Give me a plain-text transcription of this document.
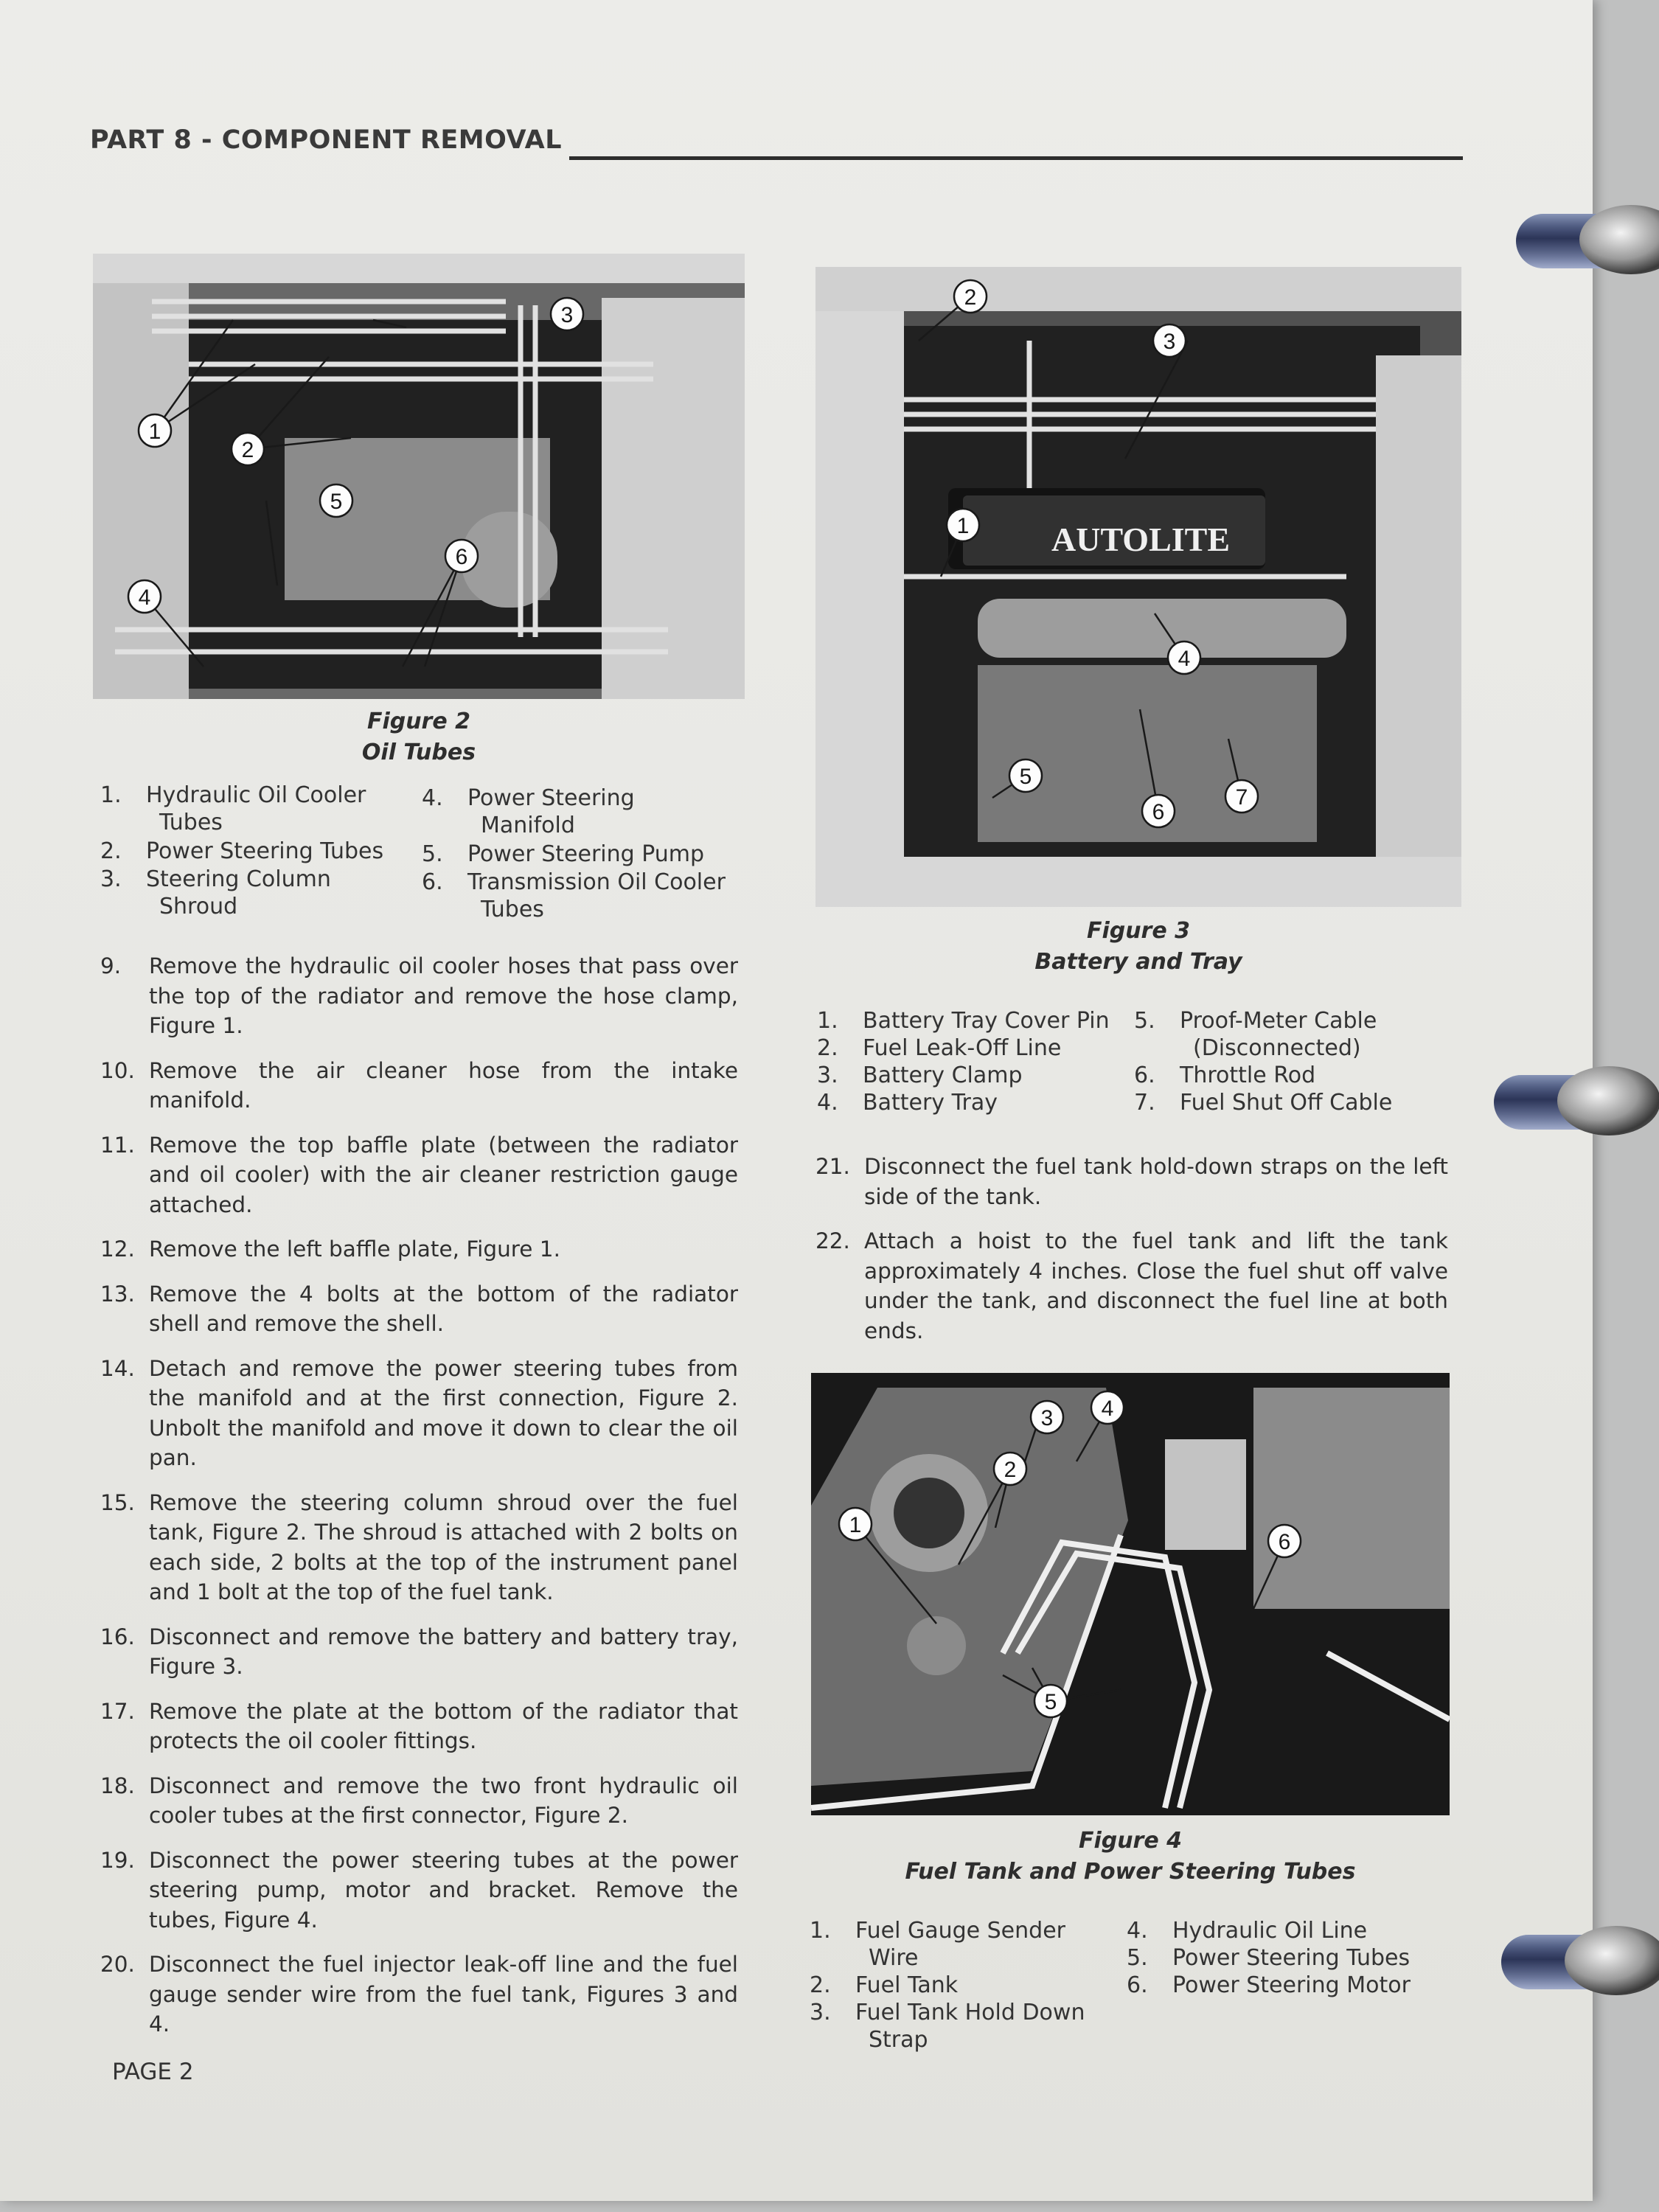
PART 8 - COMPONENT REMOVAL
1
2
3
4
5
6
Figure 2
Oil Tubes
1. Hydraulic Oil Cooler
Tubes
2. Power Steering Tubes
3. Steering Column
Shroud
4. Power Steering
Manifold
5. Power Steering Pump
6. Transmission Oil Cooler
Tubes
9.	Remove the hydraulic oil cooler hoses that pass over the top of the radiator and remove the hose clamp, Figure 1.
10. Remove the air cleaner hose from the intake manifold.
11. Remove the top baffle plate (between the radiator and oil cooler) with the air cleaner restriction gauge attached.
12. Remove the left baffle plate, Figure 1.
13. Remove the 4 bolts at the bottom of the radiator shell and remove the shell.
14. Detach and remove the power steering tubes from the manifold and at the first connection, Figure 2. Unbolt the manifold and move it down to clear the oil pan.
15. Remove the steering column shroud over the fuel tank, Figure 2. The shroud is attached with 2 bolts on each side, 2 bolts at the top of the instrument panel and 1 bolt at the top of the fuel tank.
16. Disconnect and remove the battery and battery tray, Figure 3.
17. Remove the plate at the bottom of the radiator that protects the oil cooler fittings.
18. Disconnect and remove the two front hydraulic oil cooler tubes at the first connector, Figure 2.
19. Disconnect the power steering tubes at the power steering pump, motor and bracket. Remove the tubes, Figure 4.
20. Disconnect the fuel injector leak-off line and the fuel gauge sender wire from the fuel tank, Figures 3 and 4.
AUTOLITE
2
3
1
4
5
6
7
Figure 3
Battery and Tray
1. Battery Tray Cover Pin
2. Fuel Leak-Off Line
3. Battery Clamp
4. Battery Tray
5. Proof-Meter Cable
(Disconnected)
6. Throttle Rod
7. Fuel Shut Off Cable
21. Disconnect the fuel tank hold-down straps on the left side of the tank.
22. Attach a hoist to the fuel tank and lift the tank approximately 4 inches. Close the fuel shut off valve under the tank, and disconnect the fuel line at both ends.
1
2
3 4
5
6
Figure 4
Fuel Tank and Power Steering Tubes
1. Fuel Gauge Sender
Wire
2. Fuel Tank
3. Fuel Tank Hold Down
Strap
4. Hydraulic Oil Line
5. Power Steering Tubes
6. Power Steering Motor
PAGE 2
